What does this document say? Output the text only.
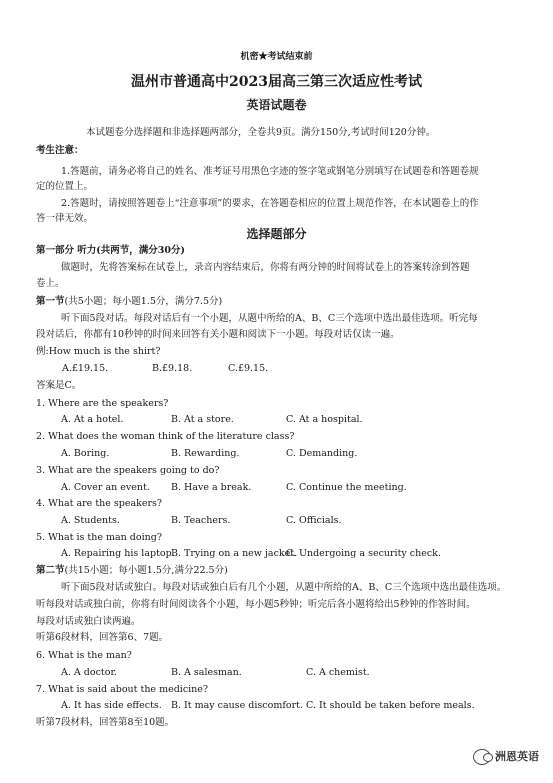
机密★考试结束前
温州市普通高中2023届高三第三次适应性考试
英语试题卷
本试题卷分选择题和非选择题两部分，全卷共9页。满分150分,考试时间120分钟。
考生注意：
1.答题前，请务必将自己的姓名、准考证号用黑色字迹的签字笔或钢笔分别填写在试题卷和答题卷规
定的位置上。
2.答题时，请按照答题卷上“注意事项”的要求，在答题卷相应的位置上规范作答，在本试题卷上的作
答一律无效。
选择题部分
第一部分 听力(共两节，满分30分)
做题时，先将答案标在试卷上，录音内容结束后，你将有两分钟的时间将试卷上的答案转涂到答题
卷上。
第一节(共5小题；每小题1.5分，满分7.5分)
听下面5段对话。每段对话后有一个小题，从题中所给的A、B、C三个选项中选出最佳选项。听完每
段对话后，你都有10秒钟的时间来回答有关小题和阅读下一小题。每段对话仅读一遍。
例:How much is the shirt?
A.£19.15.	B.£9.18.	C.£9.15.
答案是C。
1. Where are the speakers?
A. At a hotel.	B. At a store.	C. At a hospital.
2. What does the woman think of the literature class?
A. Boring.	B. Rewarding.	C. Demanding.
3. What are the speakers going to do?
A. Cover an event. B. Have a break.	C. Continue the meeting.
4. What are the speakers?
A. Students.	B. Teachers.	C. Officials.
5. What is the man doing?
A. Repairing his laptop.
B. Trying on a new jacket.
C. Undergoing a security check.
第二节(共15小题；每小题1.5分,满分22.5分)
听下面5段对话或独白。每段对话或独白后有几个小题，从题中所给的A、B、C三个选项中选出最佳选项。
听每段对话或独白前，你将有时间阅读各个小题，每小题5秒钟；听完后各小题将给出5秒钟的作答时间。
每段对话或独白读两遍。
听第6段材料，回答第6、7题。
6. What is the man?
A. A doctor.	B. A salesman.	C. A chemist.
7. What is said about the medicine?
A. It has side effects. B. It may cause discomfort. C. It should be taken before meals.
听第7段材料，回答第8至10题。
洲恩英语
